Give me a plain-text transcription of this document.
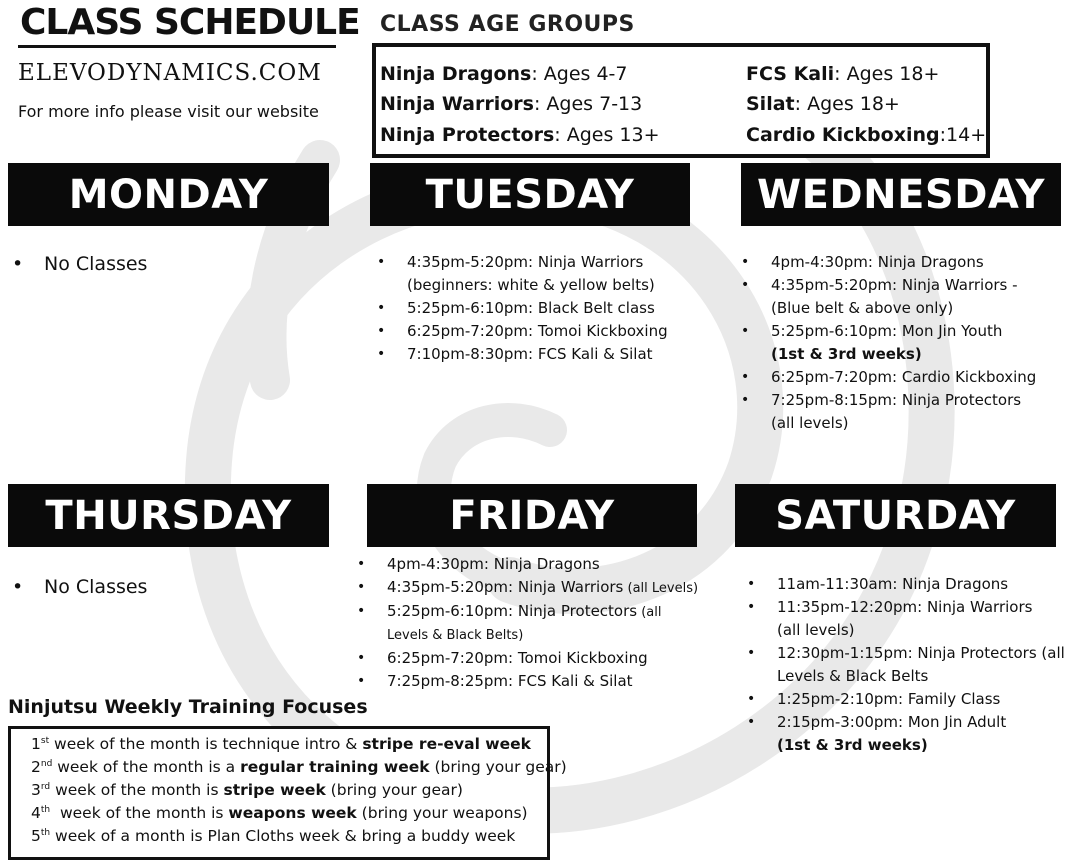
CLASS SCHEDULE
ELEVODYNAMICS.COM
For more info please visit our website
CLASS AGE GROUPS
Ninja Dragons: Ages 4-7
Ninja Warriors: Ages 7-13
Ninja Protectors: Ages 13+
FCS Kali: Ages 18+
Silat: Ages 18+
Cardio Kickboxing:14+
MONDAY	TUESDAY	WEDNESDAY
THURSDAY	FRIDAY	SATURDAY
• No Classes
•	4:35pm-5:20pm: Ninja Warriors
(beginners: white & yellow belts)
• 5:25pm-6:10pm: Black Belt class
• 6:25pm-7:20pm: Tomoi Kickboxing
• 7:10pm-8:30pm: FCS Kali & Silat
• 4pm-4:30pm: Ninja Dragons
• 4:35pm-5:20pm: Ninja Warriors -
(Blue belt & above only)
• 5:25pm-6:10pm: Mon Jin Youth
(1st & 3rd weeks)
• 6:25pm-7:20pm: Cardio Kickboxing
• 7:25pm-8:15pm: Ninja Protectors
(all levels)
• No Classes
• 4pm-4:30pm: Ninja Dragons
• 4:35pm-5:20pm: Ninja Warriors (all Levels)
• 5:25pm-6:10pm: Ninja Protectors (all
Levels & Black Belts)
• 6:25pm-7:20pm: Tomoi Kickboxing
• 7:25pm-8:25pm: FCS Kali & Silat
• 11am-11:30am: Ninja Dragons
• 11:35pm-12:20pm: Ninja Warriors
(all levels)
• 12:30pm-1:15pm: Ninja Protectors (all
Levels & Black Belts
• 1:25pm-2:10pm: Family Class
• 2:15pm-3:00pm: Mon Jin Adult
(1st & 3rd weeks)
Ninjutsu Weekly Training Focuses
1st week of the month is technique intro & stripe re-eval week
2nd week of the month is a regular training week (bring your gear)
3rd week of the month is stripe week (bring your gear)
4th  week of the month is weapons week (bring your weapons)
5th week of a month is Plan Cloths week & bring a buddy week
